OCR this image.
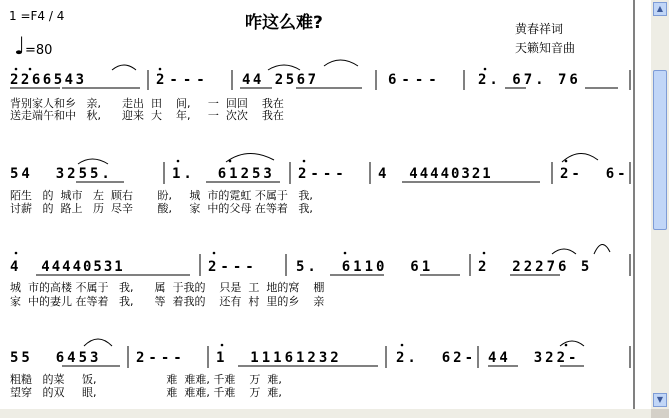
1 =F4 / 4
♩ =80
咋这么难?	黄春祥词
天籁知音曲
2266543	2--- 44 2567	6---	2. 67. 76
背别家人和乡   亲,      走出  田    间,     一  回回    我在
送走端午和中   秋,      迎来  大    年,     一  次次    我在
54  3255.	1.  61253 2--- 4  44440321	2-  6-
陌生   的  城市   左  顾右       盼,     城  市的霓虹 不属于   我,
讨薪   的  路上   历  尽辛       酸,     家  中的父母 在等着   我,
4  44440531	2---	5.  6110  61	2  22276 5
城  市的高楼 不属于   我,      属  于我的    只是  工  地的窝    棚
家  中的妻儿 在等着   我,      等  着我的    还有  村  里的乡    亲
55  6453 2--- 1  11161232	2.  62- 44  322-
粗糙   的菜     饭,                    难  难难, 千难    万  难,
望穿   的双     眼,                    难  难难, 千难    万  难,
▲
▼
